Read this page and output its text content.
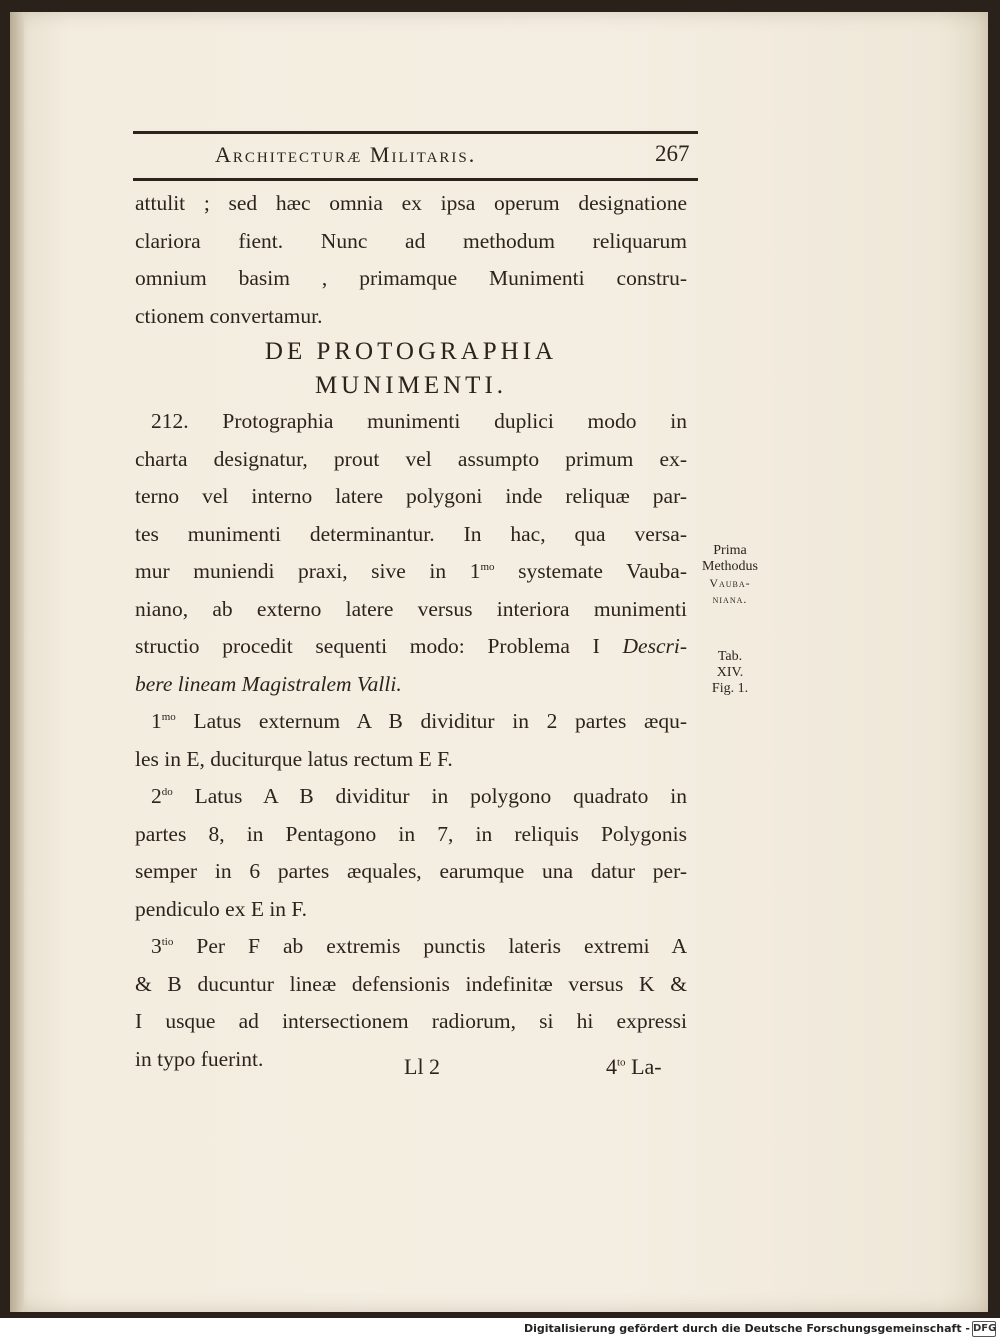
Architecturæ Militaris.	267
attulit ; sed hæc omnia ex ipsa operum designatione
clariora fient. Nunc ad methodum reliquarum
omnium basim , primamque Munimenti constru-
ctionem convertamur.
DE PROTOGRAPHIA
MUNIMENTI.
212. Protographia munimenti duplici modo in
charta designatur, prout vel assumpto primum ex-
terno vel interno latere polygoni inde reliquæ par-
tes munimenti determinantur. In hac, qua versa-
mur muniendi praxi, sive in $1^{mo}$ systemate Vauba-
niano, ab externo latere versus interiora munimenti
structio procedit sequenti modo: Problema I Descri-
bere lineam Magistralem Valli.
$1^{mo}$ Latus externum A B dividitur in 2 partes æqu-
les in E, duciturque latus rectum E F.
$2^{do}$ Latus A B dividitur in polygono quadrato in
partes 8, in Pentagono in 7, in reliquis Polygonis
semper in 6 partes æquales, earumque una datur per-
pendiculo ex E in F.
$3^{tio}$ Per F ab extremis punctis lateris extremi A
& B ducuntur lineæ defensionis indefinitæ versus K &
I usque ad intersectionem radiorum, si hi expressi
in typo fuerint.
Prima
Methodus
Vauba-
niana.
Tab.
XIV.
Fig. 1.
Ll 2	$4^{to}$ La-
Digitalisierung gefördert durch die Deutsche Forschungsgemeinschaft - DFG
